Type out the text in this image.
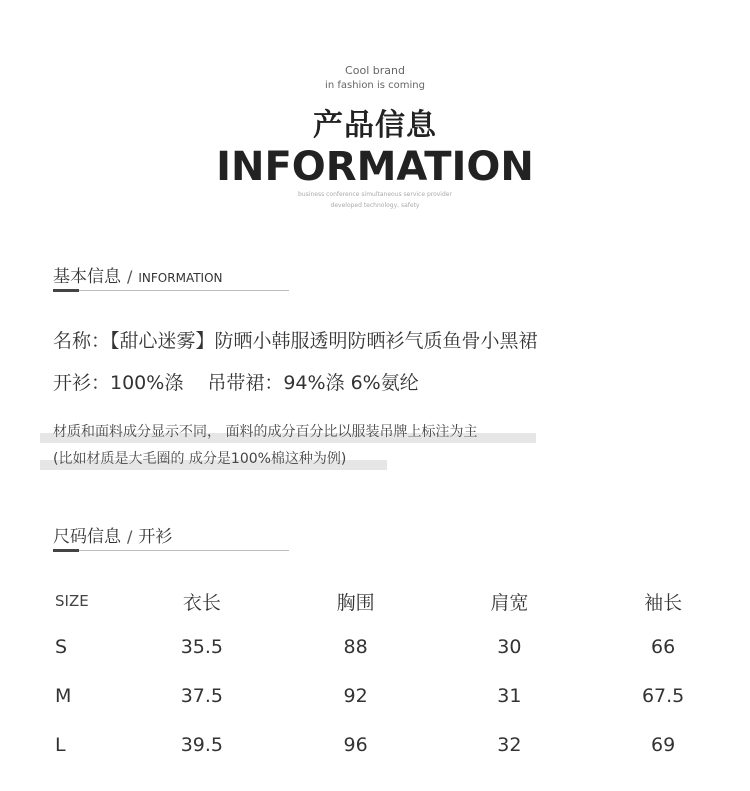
Cool brand
in fashion is coming
产品信息
INFORMATION
business conference simultaneous service provider
developed technology, safety
基本信息 / INFORMATION
名称：【甜心迷雾】防晒小韩服透明防晒衫气质鱼骨小黑裙
开衫：100%涤 吊带裙：94%涤 6%氨纶
材质和面料成分显示不同， 面料的成分百分比以服装吊牌上标注为主
(比如材质是大毛圈的 成分是100%棉这种为例)
尺码信息 / 开衫
SIZE	衣长	胸围	肩宽	袖长
S	35.5	88	30	66
M	37.5	92	31	67.5
L	39.5	96	32	69
